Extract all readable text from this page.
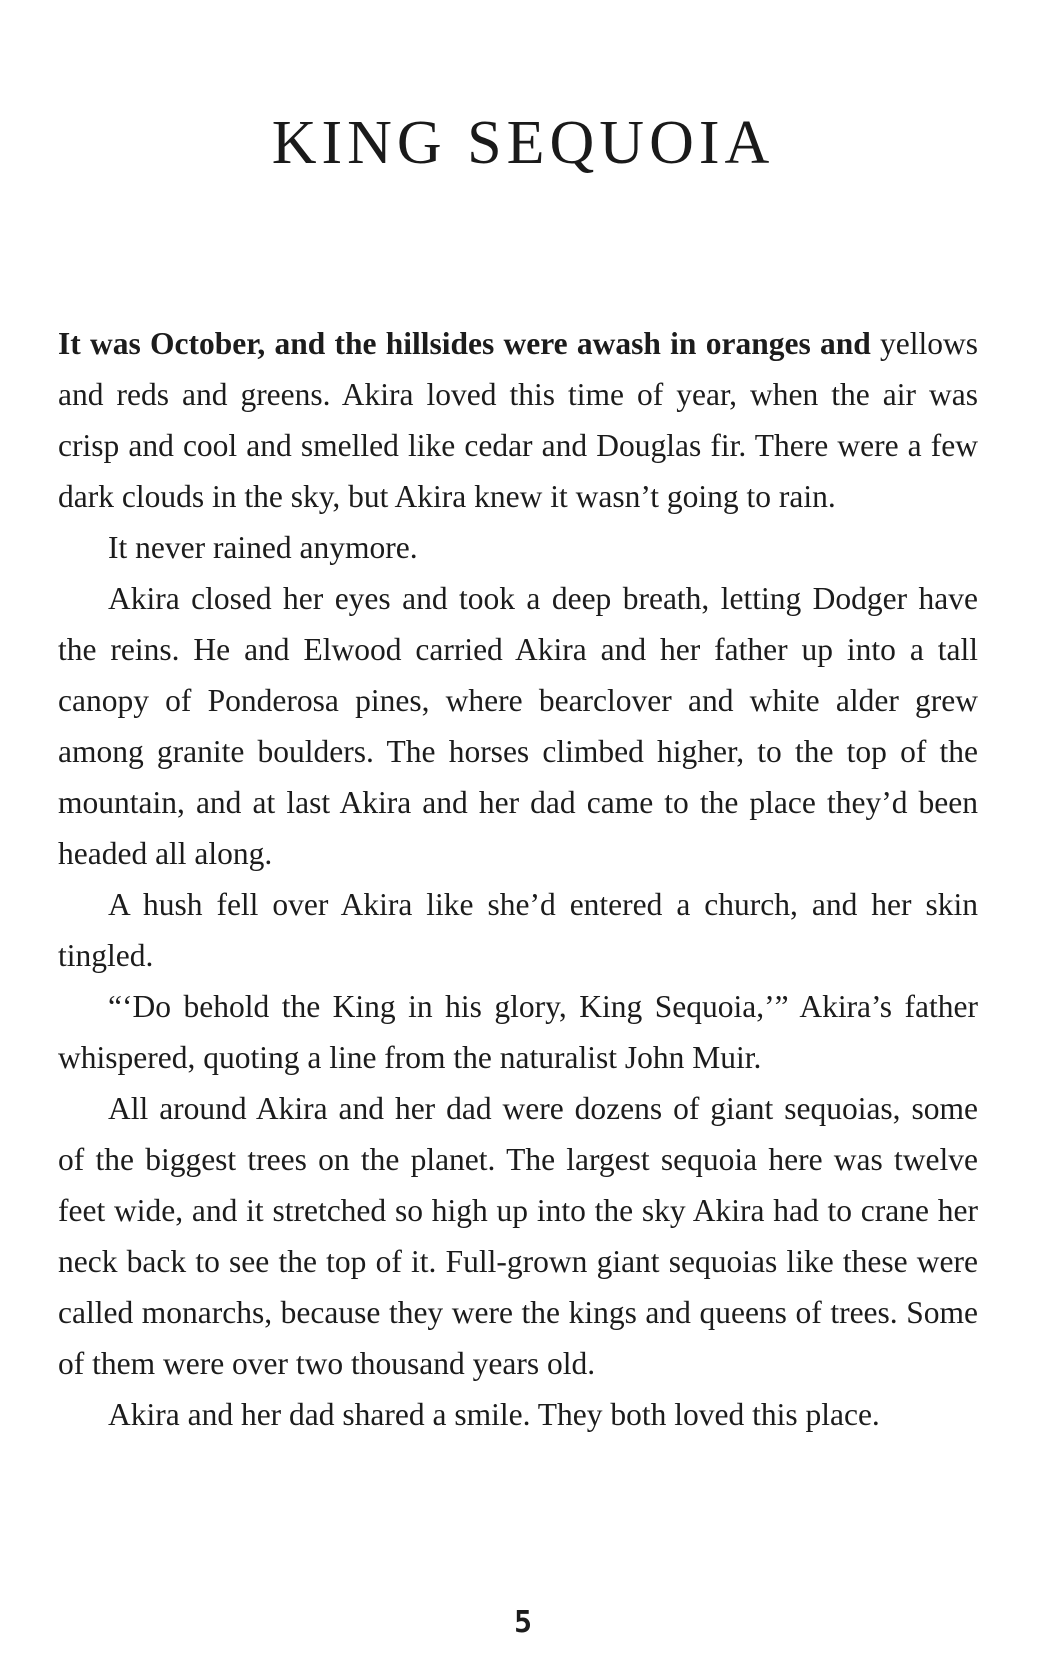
KING SEQUOIA

It was October, and the hillsides were awash in oranges and yellows and reds and greens. Akira loved this time of year, when the air was crisp and cool and smelled like cedar and Douglas fir. There were a few dark clouds in the sky, but Akira knew it wasn’t going to rain.

It never rained anymore.

Akira closed her eyes and took a deep breath, letting Dodger have the reins. He and Elwood carried Akira and her father up into a tall canopy of Ponderosa pines, where bearclover and white alder grew among granite boulders. The horses climbed higher, to the top of the mountain, and at last Akira and her dad came to the place they’d been headed all along.

A hush fell over Akira like she’d entered a church, and her skin tingled.

“‘Do behold the King in his glory, King Sequoia,’” Akira’s father whispered, quoting a line from the naturalist John Muir.

All around Akira and her dad were dozens of giant sequoias, some of the biggest trees on the planet. The largest sequoia here was twelve feet wide, and it stretched so high up into the sky Akira had to crane her neck back to see the top of it. Full-grown giant sequoias like these were called monarchs, because they were the kings and queens of trees. Some of them were over two thousand years old.

Akira and her dad shared a smile. They both loved this place.

5
